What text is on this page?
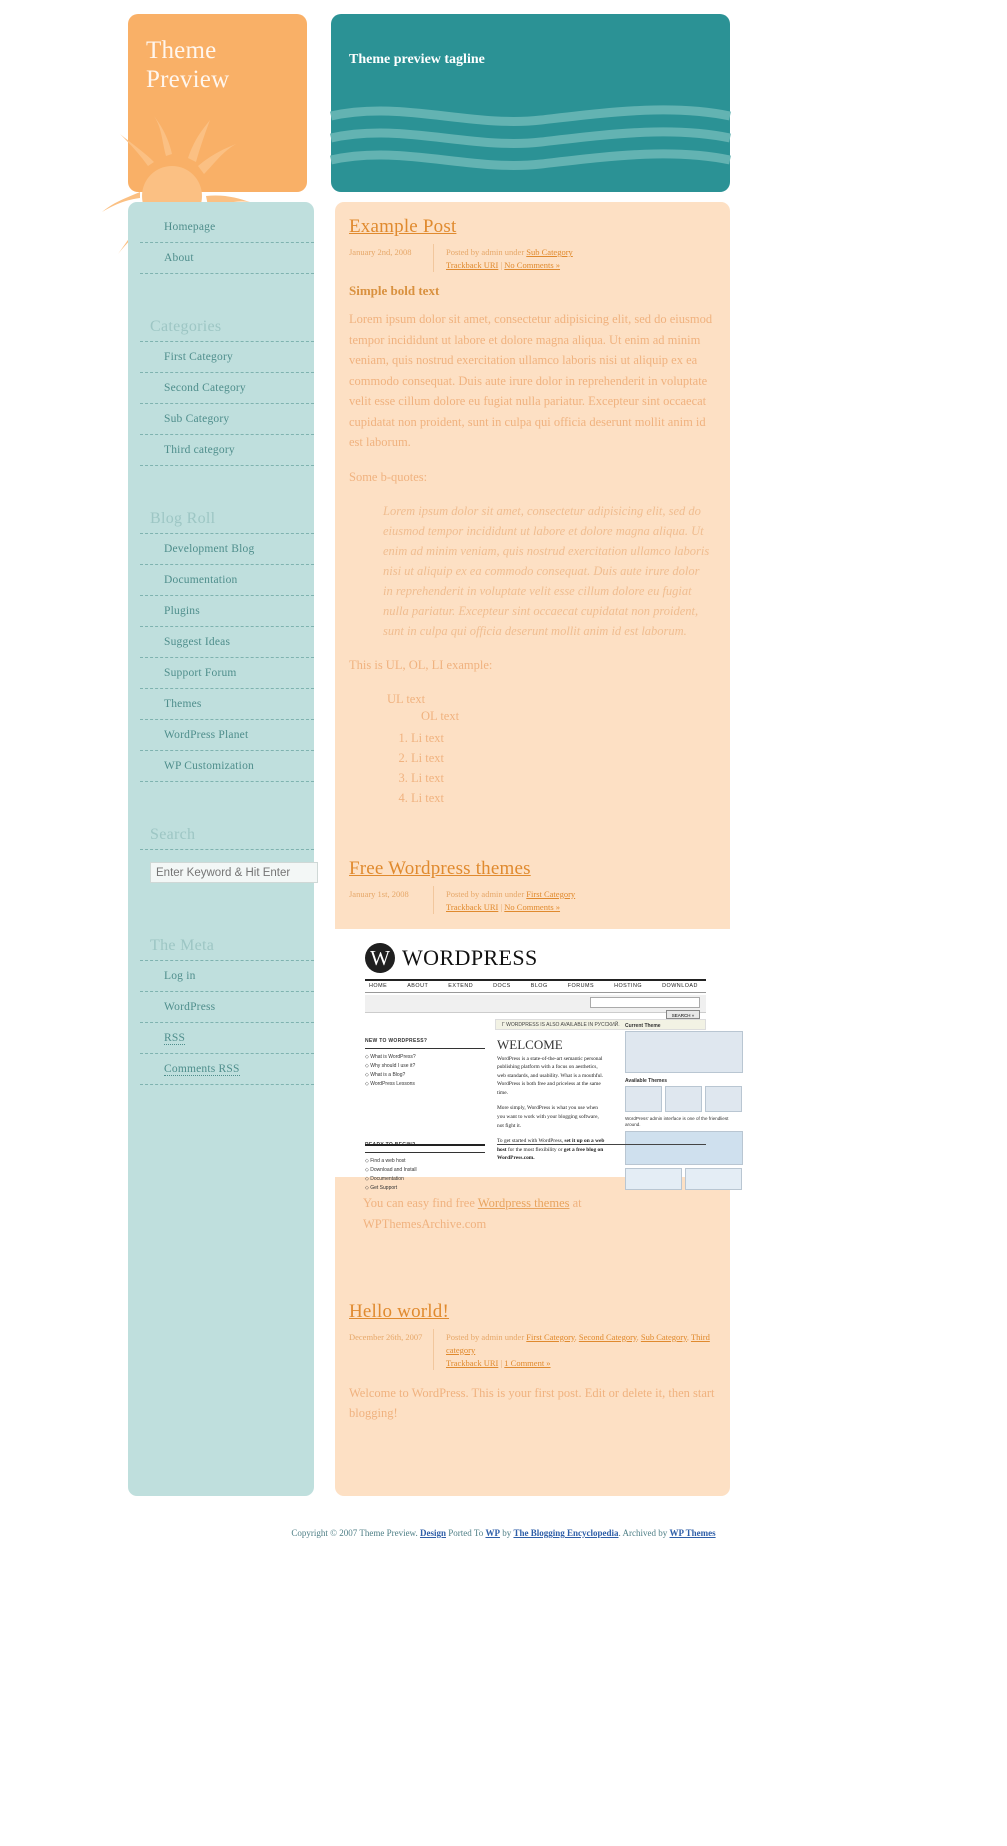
Theme Preview
Theme preview tagline
Homepage
About
Categories
First Category
Second Category
Sub Category
Third category
Blog Roll
Development Blog
Documentation
Plugins
Suggest Ideas
Support Forum
Themes
WordPress Planet
WP Customization
Search
Enter Keyword & Hit Enter
The Meta
Log in
WordPress
RSS
Comments RSS
Example Post
January 2nd, 2008	Posted by admin under Sub Category
Trackback URI | No Comments »
Simple bold text
Lorem ipsum dolor sit amet, consectetur adipisicing elit, sed do eiusmod tempor incididunt ut labore et dolore magna aliqua. Ut enim ad minim veniam, quis nostrud exercitation ullamco laboris nisi ut aliquip ex ea commodo consequat. Duis aute irure dolor in reprehenderit in voluptate velit esse cillum dolore eu fugiat nulla pariatur. Excepteur sint occaecat cupidatat non proident, sunt in culpa qui officia deserunt mollit anim id est laborum.
Some b-quotes:
Lorem ipsum dolor sit amet, consectetur adipisicing elit, sed do eiusmod tempor incididunt ut labore et dolore magna aliqua. Ut enim ad minim veniam, quis nostrud exercitation ullamco laboris nisi ut aliquip ex ea commodo consequat. Duis aute irure dolor in reprehenderit in voluptate velit esse cillum dolore eu fugiat nulla pariatur. Excepteur sint occaecat cupidatat non proident, sunt in culpa qui officia deserunt mollit anim id est laborum.
This is UL, OL, LI example:
UL text
OL text
1. Li text
2. Li text
3. Li text
4. Li text
Free Wordpress themes
January 1st, 2008	Posted by admin under First Category
Trackback URI | No Comments »
W WORDPRESS
HOME	ABOUT	EXTEND	DOCS	BLOG	FORUMS	HOSTING	DOWNLOAD
SEARCH »
Г WORDPRESS IS ALSO AVAILABLE IN РУССКИЙ.
WELCOME
NEW TO WORDPRESS?
◇ What is WordPress?
◇ Why should I use it?
◇ What is a Blog?
◇ WordPress Lessons
READY TO BEGIN?
◇ Find a web host
◇ Download and Install
◇ Documentation
◇ Get Support

WordPress is a state-of-the-art semantic personal publishing platform with a focus on aesthetics, web standards, and usability. What is a mouthful. WordPress is both free and priceless at the same time.

More simply, WordPress is what you use when you want to work with your blogging software, not fight it.

To get started with WordPress, set it up on a web host for the most flexibility or get a free blog on WordPress.com.

Current Theme
Available Themes
WordPress' admin interface is one of the friendliest around.
You can easy find free Wordpress themes at WPThemesArchive.com
Hello world!
December 26th, 2007	Posted by admin under First Category, Second Category, Sub Category, Third category
Trackback URI | 1 Comment »
Welcome to WordPress. This is your first post. Edit or delete it, then start blogging!
Copyright © 2007 Theme Preview. Design Ported To WP by The Blogging Encyclopedia. Archived by WP Themes
